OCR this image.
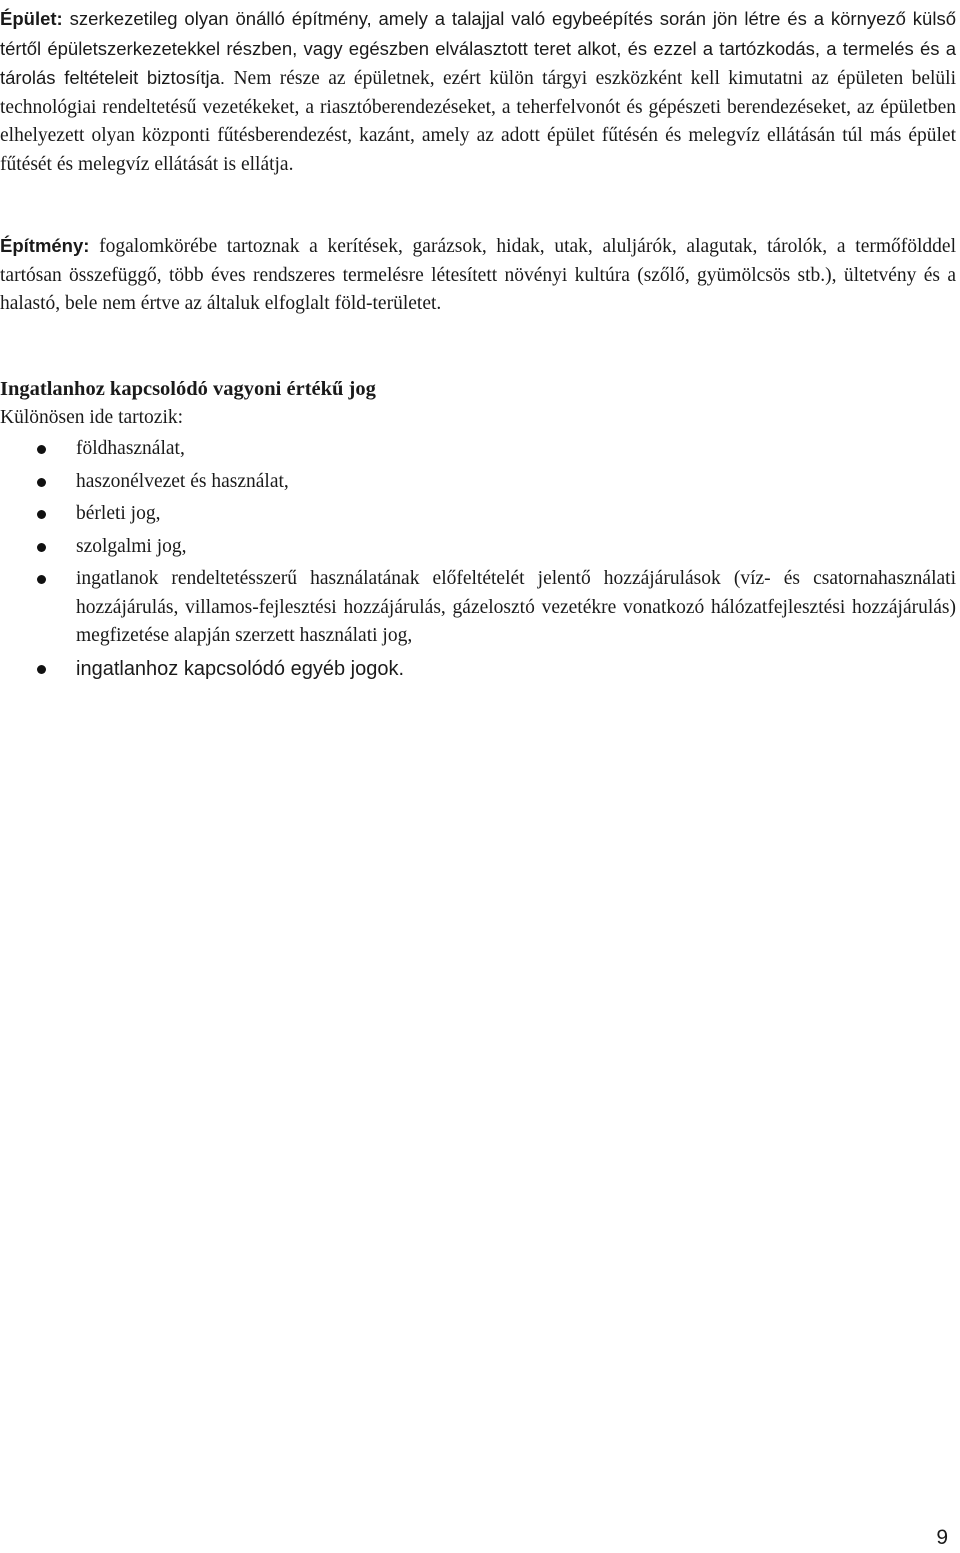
Épület: szerkezetileg olyan önálló építmény, amely a talajjal való egybeépítés során jön létre és a környező külső tértől épületszerkezetekkel részben, vagy egészben elválasztott teret alkot, és ezzel a tartózkodás, a termelés és a tárolás feltételeit biztosítja. Nem része az épületnek, ezért külön tárgyi eszközként kell kimutatni az épületen belüli technológiai rendeltetésű vezetékeket, a riasztóberendezéseket, a teherfelvonót és gépészeti berendezéseket, az épületben elhelyezett olyan központi fűtésberendezést, kazánt, amely az adott épület fűtésén és melegvíz ellátásán túl más épület fűtését és melegvíz ellátását is ellátja.

Építmény: fogalomkörébe tartoznak a kerítések, garázsok, hidak, utak, aluljárók, alagutak, tárolók, a termőfölddel tartósan összefüggő, több éves rendszeres termelésre létesített növényi kultúra (szőlő, gyümölcsös stb.), ültetvény és a halastó, bele nem értve az általuk elfoglalt föld-területet.

Ingatlanhoz kapcsolódó vagyoni értékű jog

Különösen ide tartozik:

földhasználat,
haszonélvezet és használat,
bérleti jog,
szolgalmi jog,
ingatlanok rendeltetésszerű használatának előfeltételét jelentő hozzájárulások (víz- és csatornahasználati hozzájárulás, villamos-fejlesztési hozzájárulás, gázelosztó vezetékre vonatkozó hálózatfejlesztési hozzájárulás) megfizetése alapján szerzett használati jog,
ingatlanhoz kapcsolódó egyéb jogok.

9
